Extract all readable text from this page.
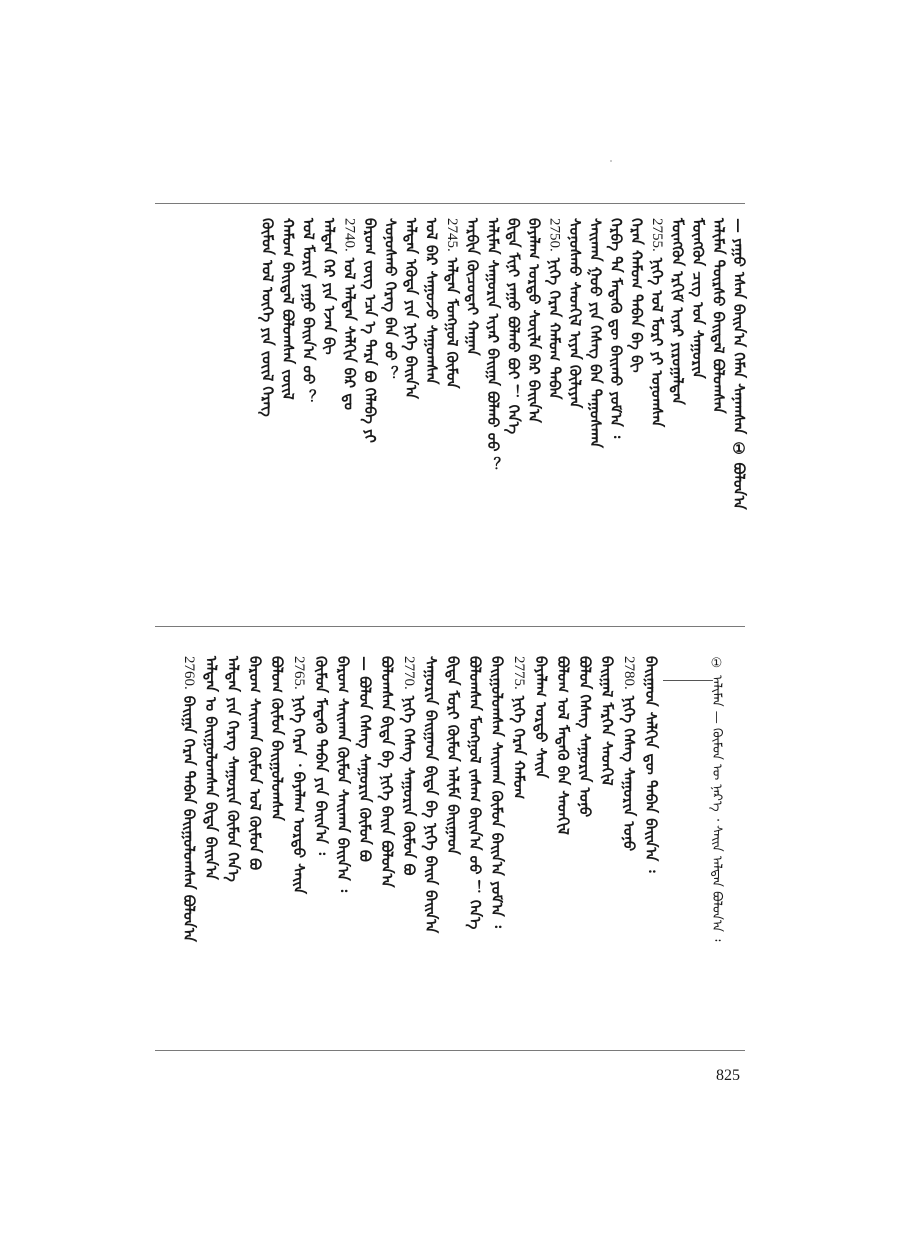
— ᠶᠠᠭᠤ ᠡᠰᠡᠨ ᠪᠠᠢᠨ᠎ᠠ ᠬᠡᠮᠡᠨ ᠰᠠᠨᠠᠭᠰᠠᠨ ① ᠪᠣᠯᠤᠨ᠎ᠠ
ᠠᠯᠢᠮᠠᠨ ᠳᠦᠷᠰᠦ ᠪᠠᠢᠳᠠᠯ ᠪᠣᠯᠤᠭᠰᠠᠨ
ᠮᠥᠩᠭᠦᠨ ᠴᠢᠭ ᠤᠨ ᠰᠠᠭᠤᠷᠢᠨ
ᠮᠥᠩᠭᠦᠨ ᠡᠷᠬᠢᠮ ᠢᠶᠡᠷ ᠶᠢᠷᠤᠭᠠᠯᠲᠠᠨ
2755.ᠨᠢᠭᠡ ᠤᠯ ᠮᠣᠷᠢ ᠶᠢ ᠤᠨᠤᠭᠰᠠᠨ
ᠬᠡᠷᠡᠨ ᠬᠠᠮᠤᠭ ᠲᠠᠪᠠᠨ ᠪᠡ ᠪᠢ
ᠬᠡᠷᠪᠡ ᠲᠠ ᠮᠡᠳᠡᠬᠦ ᠳᠦ ᠪᠠᠢᠬᠤ ᠶᠤᠮ᠎ᠠ ᠄
ᠰᠠᠢᠬᠠᠨ ᠭᠣᠣ ᠶᠢᠨ ᠬᠡᠰᠡᠭ ᠪᠠᠨ ᠳᠠᠭᠤᠰᠬᠠᠨ
ᠰᠣᠨᠣᠰᠬᠤ ᠰᠡᠳᠬᠢᠯ ᠢᠶᠡᠨ ᠬᠦᠯᠢᠶᠡᠨ
2750.ᠨᠢᠭᠡ ᠬᠡᠷᠡᠨ ᠬᠠᠮᠤᠭ ᠲᠠᠪᠠᠨ
ᠪᠠᠶᠠᠯᠠᠭ ᠤᠷᠲᠤ ᠰᠦᠢᠯᠡ ᠪᠡᠷ ᠪᠠᠢᠨ᠎ᠠ
ᠪᠢᠳᠡ ᠮᠢᠨᠢ ᠶᠠᠭᠤ ᠪᠣᠯᠬᠤ ᠪᠣᠢ ！ ᠭᠡᠨ᠎ᠡ
ᠠᠯᠢᠮᠠᠨ ᠰᠠᠭᠤᠷᠢᠨ ᠢᠶᠠᠷ ᠪᠠᠢᠭᠠ ᠪᠣᠯᠬᠤ ᠤᠤ ？
ᠠᠷᠪᠢᠨ ᠬᠦᠴᠦᠲᠡᠢ ᠬᠠᠭᠠᠨ
2745.ᠠᠯᠲᠠᠨ ᠮᠣᠩᠭᠤᠯ ᠬᠦᠮᠦᠨ
ᠤᠯ ᠪᠡᠷ ᠰᠠᠭᠤᠵᠤ ᠰᠠᠭᠤᠭᠰᠠᠨ
ᠠᠯᠲᠠᠨ ᠡᠭᠦᠳᠡ ᠶᠢᠨ ᠨᠢᠭᠡ ᠪᠠᠢᠨ᠎ᠠ
ᠰᠣᠨᠣᠰᠬᠤ ᠬᠡᠷᠡᠭ ᠪᠠᠨ ᠤᠤ ？
ᠪᠠᠷᠤᠭ ᠵᠦᠭ ᠡᠴᠡ ᠡ ᠲᠡᠷᠡ ᠪᠣ ᠬᠡᠯᠡᠪᠡ ᠶᠢ
2740.ᠤᠯ ᠠᠯᠲᠠᠨ ᠰᠠᠯᠬᠢᠨ ᠪᠠᠷ ᠳᠤ
ᠠᠯᠲᠠᠨ ᠭᠡᠷ ᠶᠢᠨ ᠡᠵᠡᠨ ᠪᠢ
ᠤᠯ ᠮᠣᠷᠢᠨ ᠶᠠᠭᠤ ᠪᠠᠢᠨ᠎ᠠ ᠤᠤ ？
ᠬᠠᠮᠤᠭ ᠪᠠᠢᠳᠠᠯ ᠪᠣᠯᠤᠭᠰᠠᠨ ᠵᠦᠢᠯ
ᠬᠦᠮᠦᠨ ᠤᠯ ᠦᠭᠡ ᠶᠢᠨ ᠵᠦᠢᠯ ᠬᠡᠷᠡᠭ
① ᠠᠯᠢᠮᠠᠨ — ᠬᠦᠮᠦᠨ ᠦ ᠨᠡᠷ᠎ᠡ ᠂ ᠰᠠᠢᠨ ᠠᠯᠲᠠᠨ ᠪᠣᠯᠤᠨ᠎ᠠ ᠄
ᠪᠠᠢᠭᠠᠳ ᠰᠠᠯᠬᠢᠨ ᠳᠦ ᠲᠠᠪᠠᠨ ᠪᠠᠢᠨ᠎ᠠ ᠄
2780.ᠨᠢᠭᠡ ᠬᠡᠰᠡᠭ ᠰᠠᠭᠤᠷᠢᠨ ᠤᠨᠤ
ᠪᠠᠢᠭᠠᠯ ᠮᠡᠷᠭᠡᠨ ᠰᠡᠳᠬᠢᠯ
ᠪᠣᠯᠤᠨ ᠬᠡᠰᠡᠭ ᠰᠠᠭᠤᠷᠢᠨ ᠤᠨᠤ
ᠪᠣᠯᠤᠭ ᠤᠯ ᠮᠡᠳᠡᠬᠦ ᠪᠠᠨ ᠰᠡᠳᠬᠢᠯ
ᠪᠠᠶᠠᠯᠠᠭ ᠤᠷᠲᠤ ᠰᠠᠢᠨ
2775.ᠨᠢᠭᠡ ᠬᠡᠷᠡᠨ ᠬᠠᠮᠤᠭ
ᠪᠠᠢᠭᠤᠯᠤᠭᠰᠠᠨ ᠰᠠᠢᠬᠠᠨ ᠬᠦᠮᠦᠨ ᠪᠠᠢᠨ᠎ᠠ ᠶᠤᠮ᠎ᠠ ᠄
ᠪᠣᠯᠤᠭᠰᠠᠨ ᠮᠣᠩᠭᠤᠯ ᠵᠠᠰᠠᠭ ᠪᠠᠢᠨ᠎ᠠ ᠤᠤ ！ ᠭᠡᠨ᠎ᠡ
ᠪᠢᠳᠡ ᠮᠣᠷᠢ ᠬᠦᠮᠦᠨ ᠠᠯᠢᠮᠠ ᠪᠠᠢᠭᠠᠳ
ᠰᠠᠭᠤᠷᠢᠨ ᠪᠠᠢᠭᠠᠳ ᠪᠢᠳᠡ ᠪᠡ ᠨᠢᠭᠡ ᠪᠠᠢᠨ ᠪᠠᠢᠨ᠎ᠠ
2770.ᠨᠢᠭᠡ ᠬᠡᠰᠡᠭ ᠰᠠᠭᠤᠷᠢᠨ ᠬᠦᠮᠦᠨ ᠪᠣ
ᠪᠣᠯᠤᠭᠰᠠᠨ ᠪᠢᠳᠡ ᠪᠡ ᠨᠢᠭᠡ ᠪᠠᠢᠨ ᠪᠣᠯᠤᠨ᠎ᠠ
— ᠪᠣᠯᠤᠨ ᠬᠡᠰᠡᠭ ᠰᠠᠭᠤᠷᠢᠨ ᠬᠦᠮᠦᠨ ᠪᠣ
ᠪᠠᠷᠤᠭ ᠰᠠᠢᠬᠠᠨ ᠬᠦᠮᠦᠨ ᠰᠠᠢᠬᠠᠨ ᠪᠠᠢᠨ᠎ᠠ ᠄
ᠬᠦᠮᠦᠨ ᠮᠡᠳᠡᠬᠦ ᠲᠠᠪᠠᠨ ᠶᠢᠨ ᠪᠠᠢᠨ᠎ᠠ ᠄
2765.ᠨᠢᠭᠡ ᠬᠡᠷᠡᠨ ᠂ ᠪᠠᠶᠠᠯᠠᠭ ᠤᠷᠲᠤ ᠰᠠᠢᠨ
ᠪᠣᠯᠤᠭ ᠬᠦᠮᠦᠨ ᠪᠠᠢᠭᠤᠯᠤᠭᠰᠠᠨ
ᠪᠠᠷᠤᠭ ᠰᠠᠢᠬᠠᠨ ᠬᠦᠮᠦᠨ ᠤᠯ ᠬᠦᠮᠦᠨ ᠪᠣ
ᠠᠯᠲᠠᠨ ᠶᠢᠨ ᠬᠡᠷᠡᠭ ᠰᠠᠭᠤᠷᠢᠨ ᠬᠦᠮᠦᠨ ᠭᠡᠨ᠎ᠡ
ᠠᠯᠲᠠᠨ ᠤ ᠪᠠᠢᠭᠤᠯᠤᠭᠰᠠᠨ ᠪᠢᠳᠡ ᠪᠠᠢᠨ᠎ᠠ
2760.ᠪᠠᠢᠭᠠ ᠬᠡᠷᠡᠨ ᠲᠠᠪᠠᠨ ᠪᠠᠢᠭᠤᠯᠤᠭᠰᠠᠨ ᠪᠣᠯᠤᠨ᠎ᠠ
825
